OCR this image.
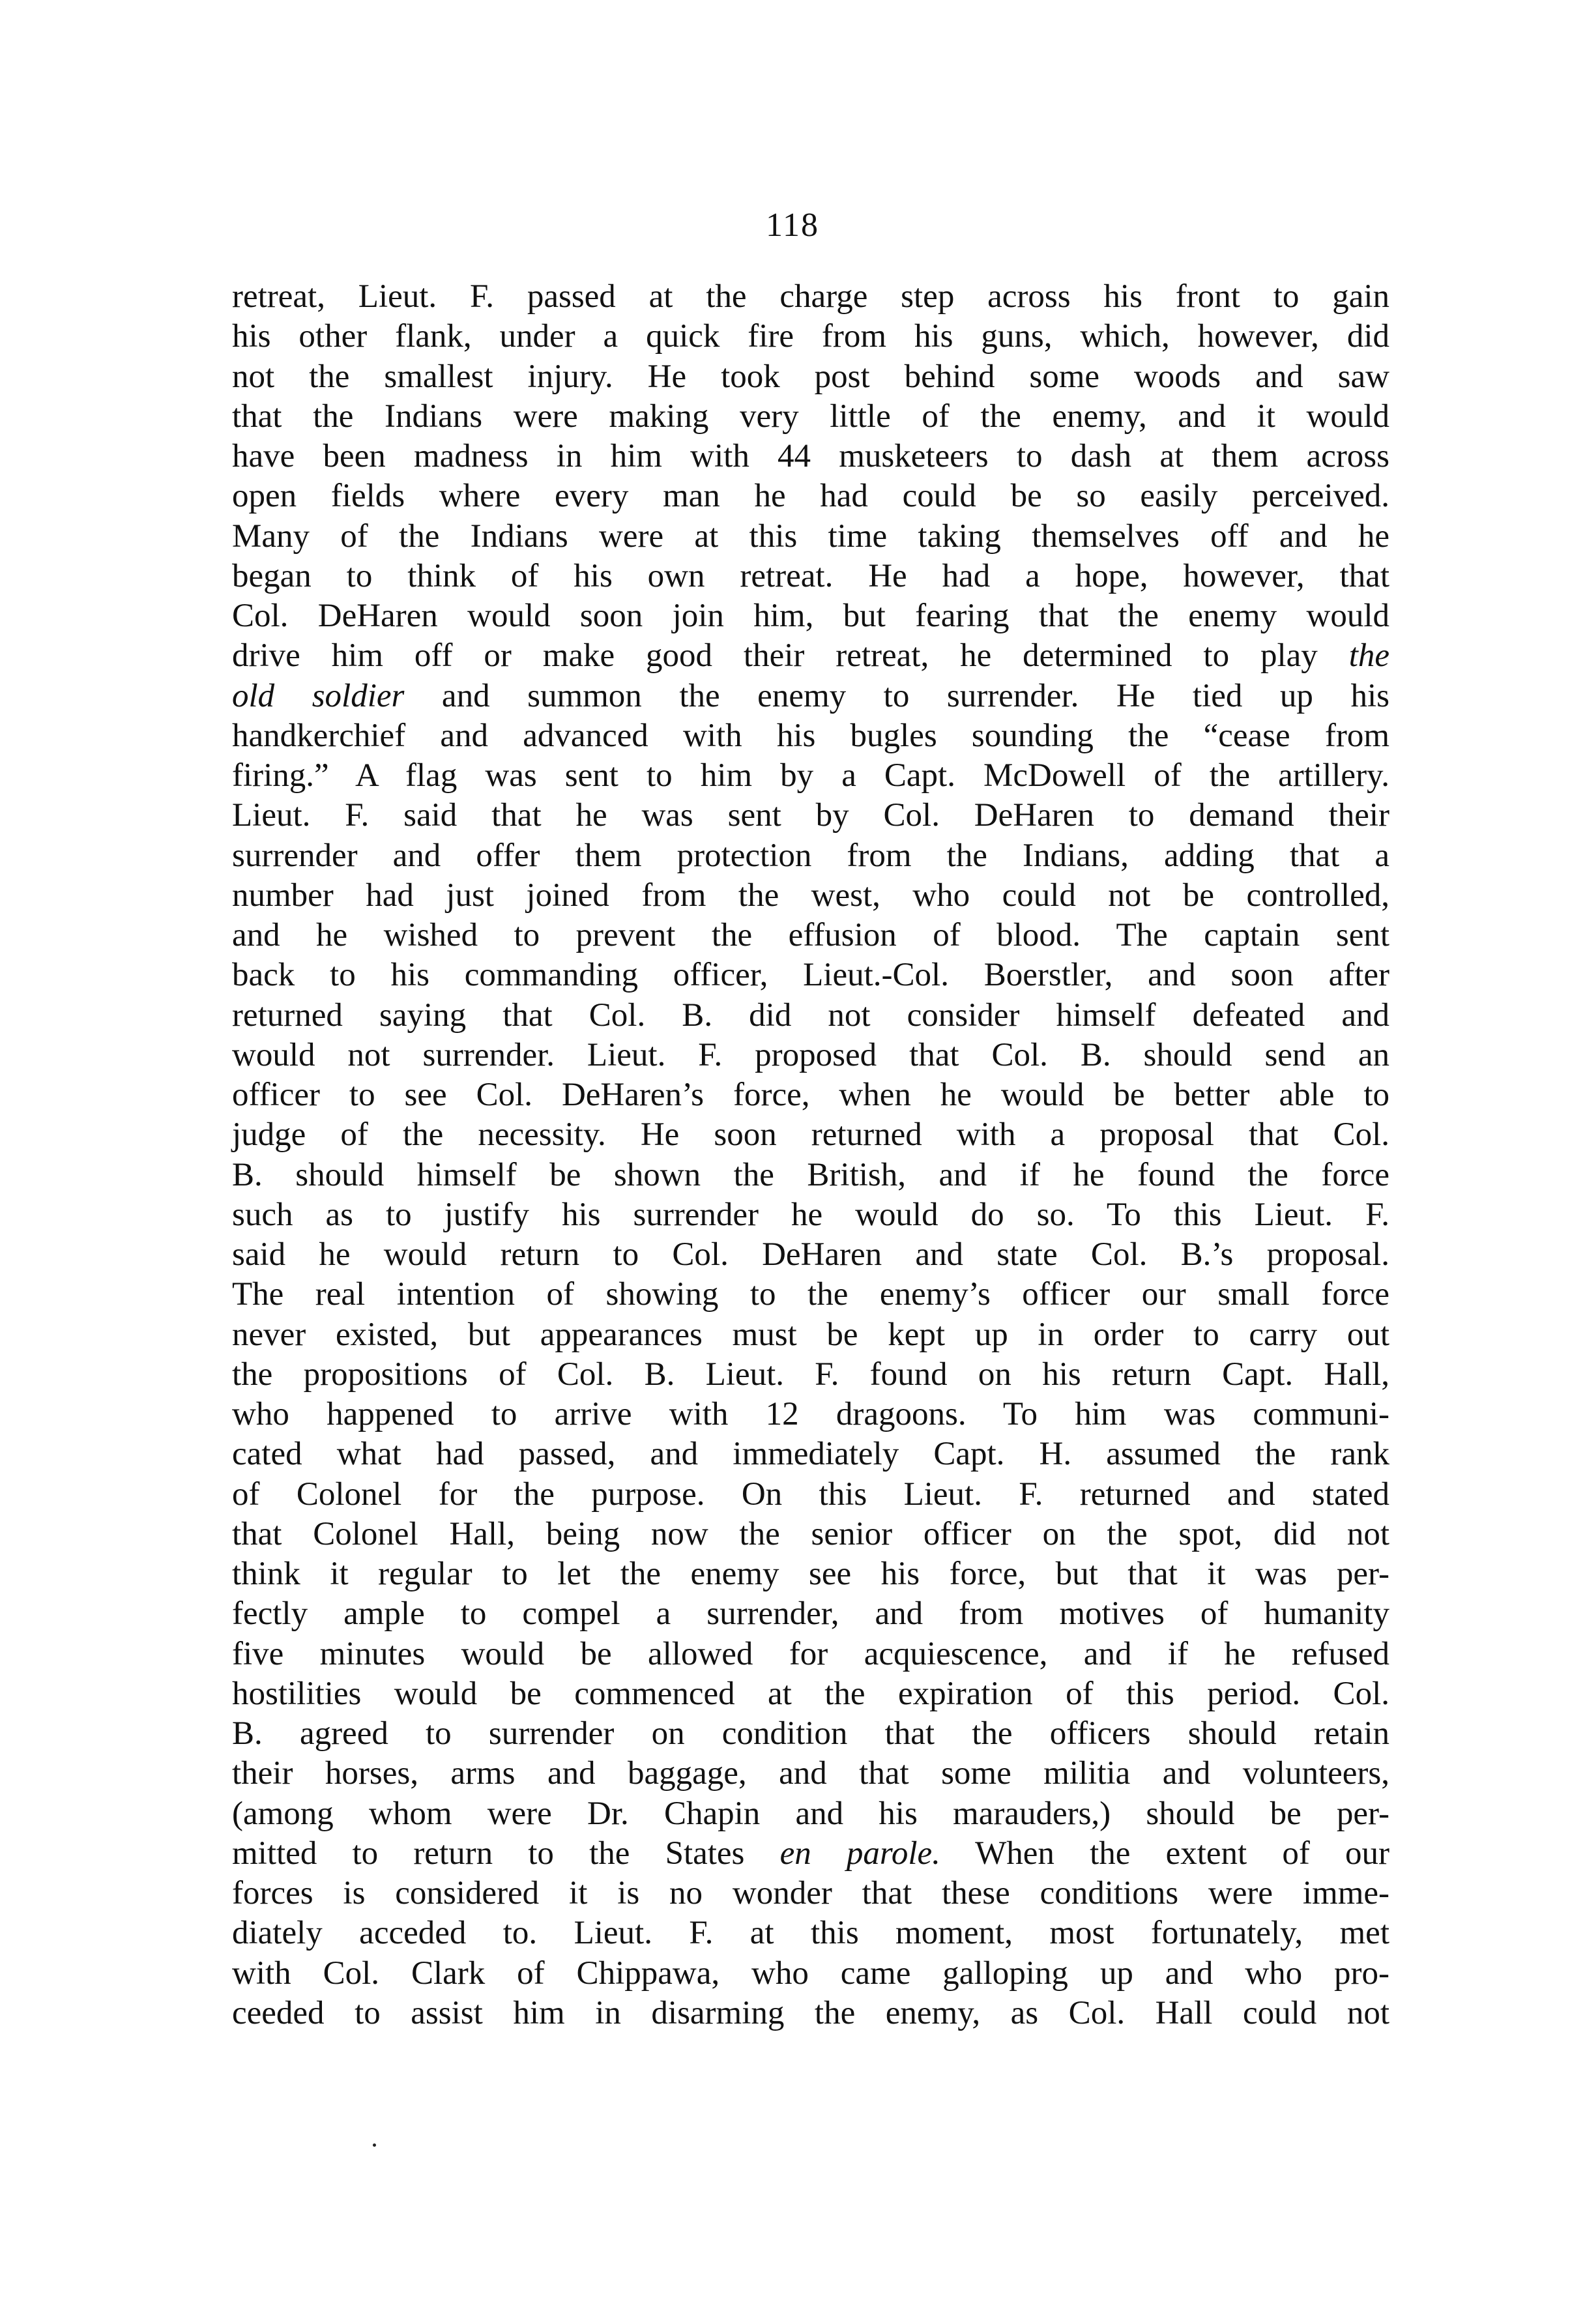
118
retreat, Lieut. F. passed at the charge step across his front to gain
his other flank, under a quick fire from his guns, which, however, did
not the smallest injury. He took post behind some woods and saw
that the Indians were making very little of the enemy, and it would
have been madness in him with 44 musketeers to dash at them across
open fields where every man he had could be so easily perceived.
Many of the Indians were at this time taking themselves off and he
began to think of his own retreat. He had a hope, however, that
Col. DeHaren would soon join him, but fearing that the enemy would
drive him off or make good their retreat, he determined to play the
old soldier and summon the enemy to surrender. He tied up his
handkerchief and advanced with his bugles sounding the “cease from
firing.” A flag was sent to him by a Capt. McDowell of the artillery.
Lieut. F. said that he was sent by Col. DeHaren to demand their
surrender and offer them protection from the Indians, adding that a
number had just joined from the west, who could not be controlled,
and he wished to prevent the effusion of blood. The captain sent
back to his commanding officer, Lieut.-Col. Boerstler, and soon after
returned saying that Col. B. did not consider himself defeated and
would not surrender. Lieut. F. proposed that Col. B. should send an
officer to see Col. DeHaren’s force, when he would be better able to
judge of the necessity. He soon returned with a proposal that Col.
B. should himself be shown the British, and if he found the force
such as to justify his surrender he would do so. To this Lieut. F.
said he would return to Col. DeHaren and state Col. B.’s proposal.
The real intention of showing to the enemy’s officer our small force
never existed, but appearances must be kept up in order to carry out
the propositions of Col. B. Lieut. F. found on his return Capt. Hall,
who happened to arrive with 12 dragoons. To him was communi-
cated what had passed, and immediately Capt. H. assumed the rank
of Colonel for the purpose. On this Lieut. F. returned and stated
that Colonel Hall, being now the senior officer on the spot, did not
think it regular to let the enemy see his force, but that it was per-
fectly ample to compel a surrender, and from motives of humanity
five minutes would be allowed for acquiescence, and if he refused
hostilities would be commenced at the expiration of this period. Col.
B. agreed to surrender on condition that the officers should retain
their horses, arms and baggage, and that some militia and volunteers,
(among whom were Dr. Chapin and his marauders,) should be per-
mitted to return to the States en parole. When the extent of our
forces is considered it is no wonder that these conditions were imme-
diately acceded to. Lieut. F. at this moment, most fortunately, met
with Col. Clark of Chippawa, who came galloping up and who pro-
ceeded to assist him in disarming the enemy, as Col. Hall could not
